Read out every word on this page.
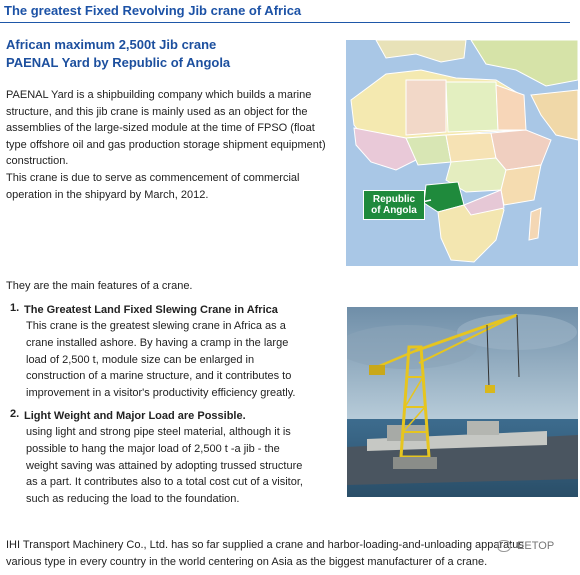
The greatest Fixed Revolving Jib crane of Africa
African maximum 2,500t Jib crane
PAENAL Yard by Republic of Angola
PAENAL Yard is a shipbuilding company which builds a marine structure, and this jib crane is mainly used as an object for the assemblies of the large-sized module at the time of FPSO (float type offshore oil and gas production storage shipment equipment) construction.
This crane is due to serve as commencement of commercial operation in the shipyard by March, 2012.	Republic
of Angola
They are the main features of a crane.
1. The Greatest Land Fixed Slewing Crane in Africa
This crane is the greatest slewing crane in Africa as a
crane installed ashore. By having a cramp in the large
load of 2,500 t, module size can be enlarged in
construction of a marine structure, and it contributes to
improvement in a visitor's productivity efficiency greatly.
2. Light Weight and Major Load are Possible.
using light and strong pipe steel material, although it is
possible to hang the major load of 2,500 t -a jib - the
weight saving was attained by adopting trussed structure
as a part. It contributes also to a total cost cut of a visitor,
such as reducing the load to the foundation.
IHI Transport Machinery Co., Ltd. has so far supplied a crane and harbor-loading-and-unloading apparatus
various type in every country in the world centering on Asia as the biggest manufacturer of a crane.
EETOP
